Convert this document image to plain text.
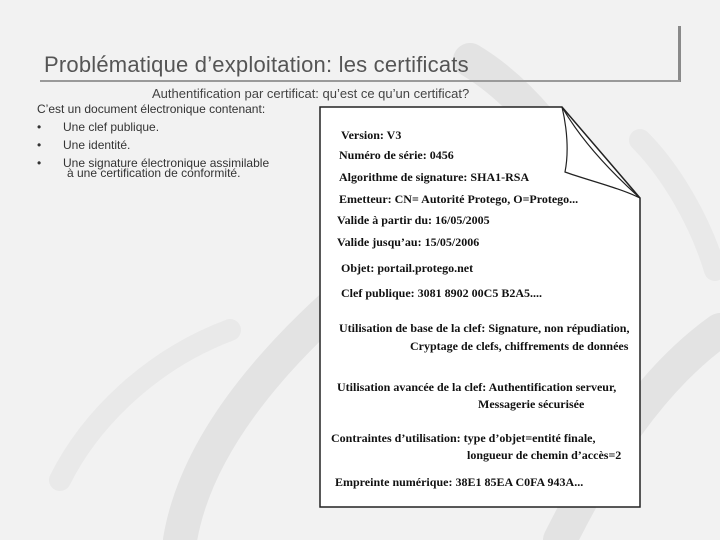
Problématique d’exploitation: les certificats
Authentification par certificat: qu’est ce qu’un certificat?
C’est un document électronique contenant:
• Une clef publique.
• Une identité.
• Une signature électronique assimilable
à une certification de conformité.
Version: V3
Numéro de série: 0456
Algorithme de signature: SHA1-RSA
Emetteur: CN= Autorité Protego, O=Protego...
Valide à partir du: 16/05/2005
Valide jusqu’au: 15/05/2006
Objet: portail.protego.net
Clef publique: 3081 8902 00C5 B2A5....
Utilisation de base de la clef: Signature, non répudiation,
Cryptage de clefs, chiffrements de données
Utilisation avancée de la clef: Authentification serveur,
Messagerie sécurisée
Contraintes d’utilisation: type d’objet=entité finale,
longueur de chemin d’accès=2
Empreinte numérique: 38E1 85EA C0FA 943A...
